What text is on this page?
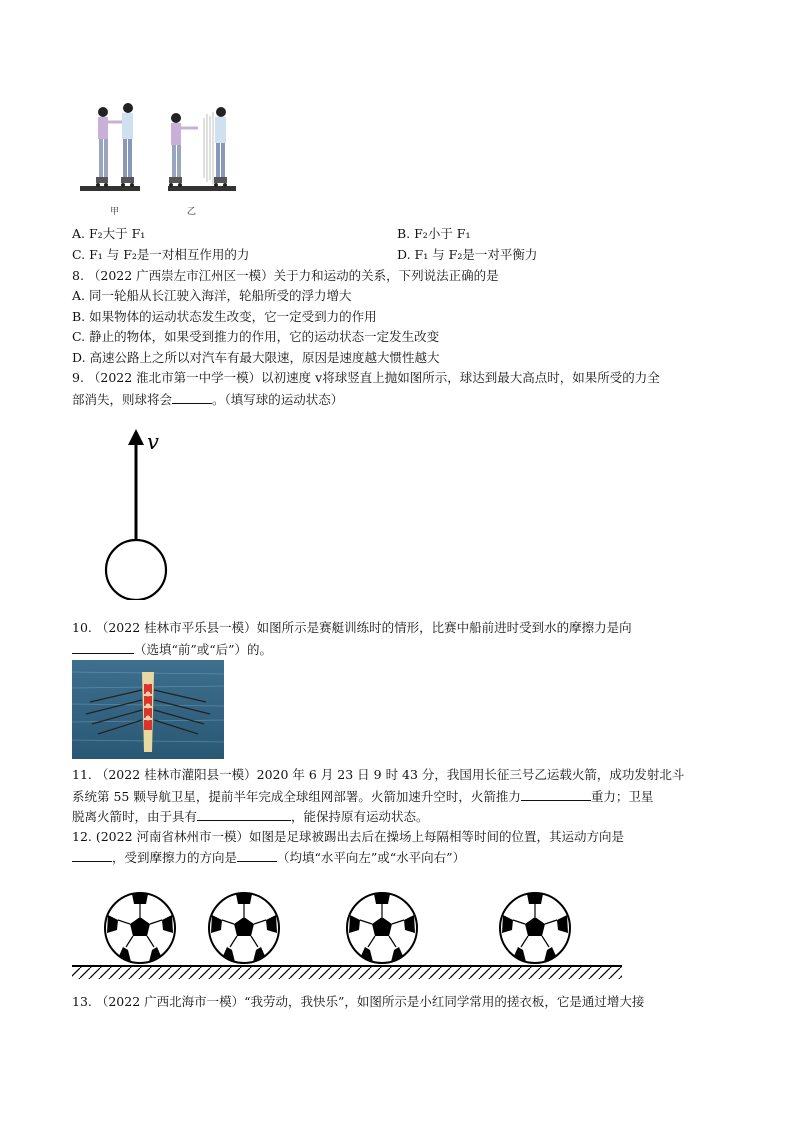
甲	乙
A. F₂大于 F₁	B. F₂小于 F₁
C. F₁ 与 F₂是一对相互作用的力	D. F₁ 与 F₂是一对平衡力
8. （2022 广西崇左市江州区一模）关于力和运动的关系，下列说法正确的是
A. 同一轮船从长江驶入海洋，轮船所受的浮力增大
B. 如果物体的运动状态发生改变，它一定受到力的作用
C. 静止的物体，如果受到推力的作用，它的运动状态一定发生改变
D. 高速公路上之所以对汽车有最大限速，原因是速度越大惯性越大
9. （2022 淮北市第一中学一模）以初速度 v将球竖直上抛如图所示，球达到最大高点时，如果所受的力全
部消失，则球将会	。（填写球的运动状态）
v
10. （2022 桂林市平乐县一模）如图所示是赛艇训练时的情形，比赛中船前进时受到水的摩擦力是向
（选填“前”或“后”）的。
11. （2022 桂林市灌阳县一模）2020 年 6 月 23 日 9 时 43 分，我国用长征三号乙运载火箭，成功发射北斗
系统第 55 颗导航卫星，提前半年完成全球组网部署。火箭加速升空时，火箭推力	重力；卫星
脱离火箭时，由于具有	，能保持原有运动状态。
12. (2022 河南省林州市一模）如图是足球被踢出去后在操场上每隔相等时间的位置，其运动方向是
，受到摩擦力的方向是	（均填“水平向左”或“水平向右”）
13. （2022 广西北海市一模）“我劳动，我快乐”，如图所示是小红同学常用的搓衣板，它是通过增大接
